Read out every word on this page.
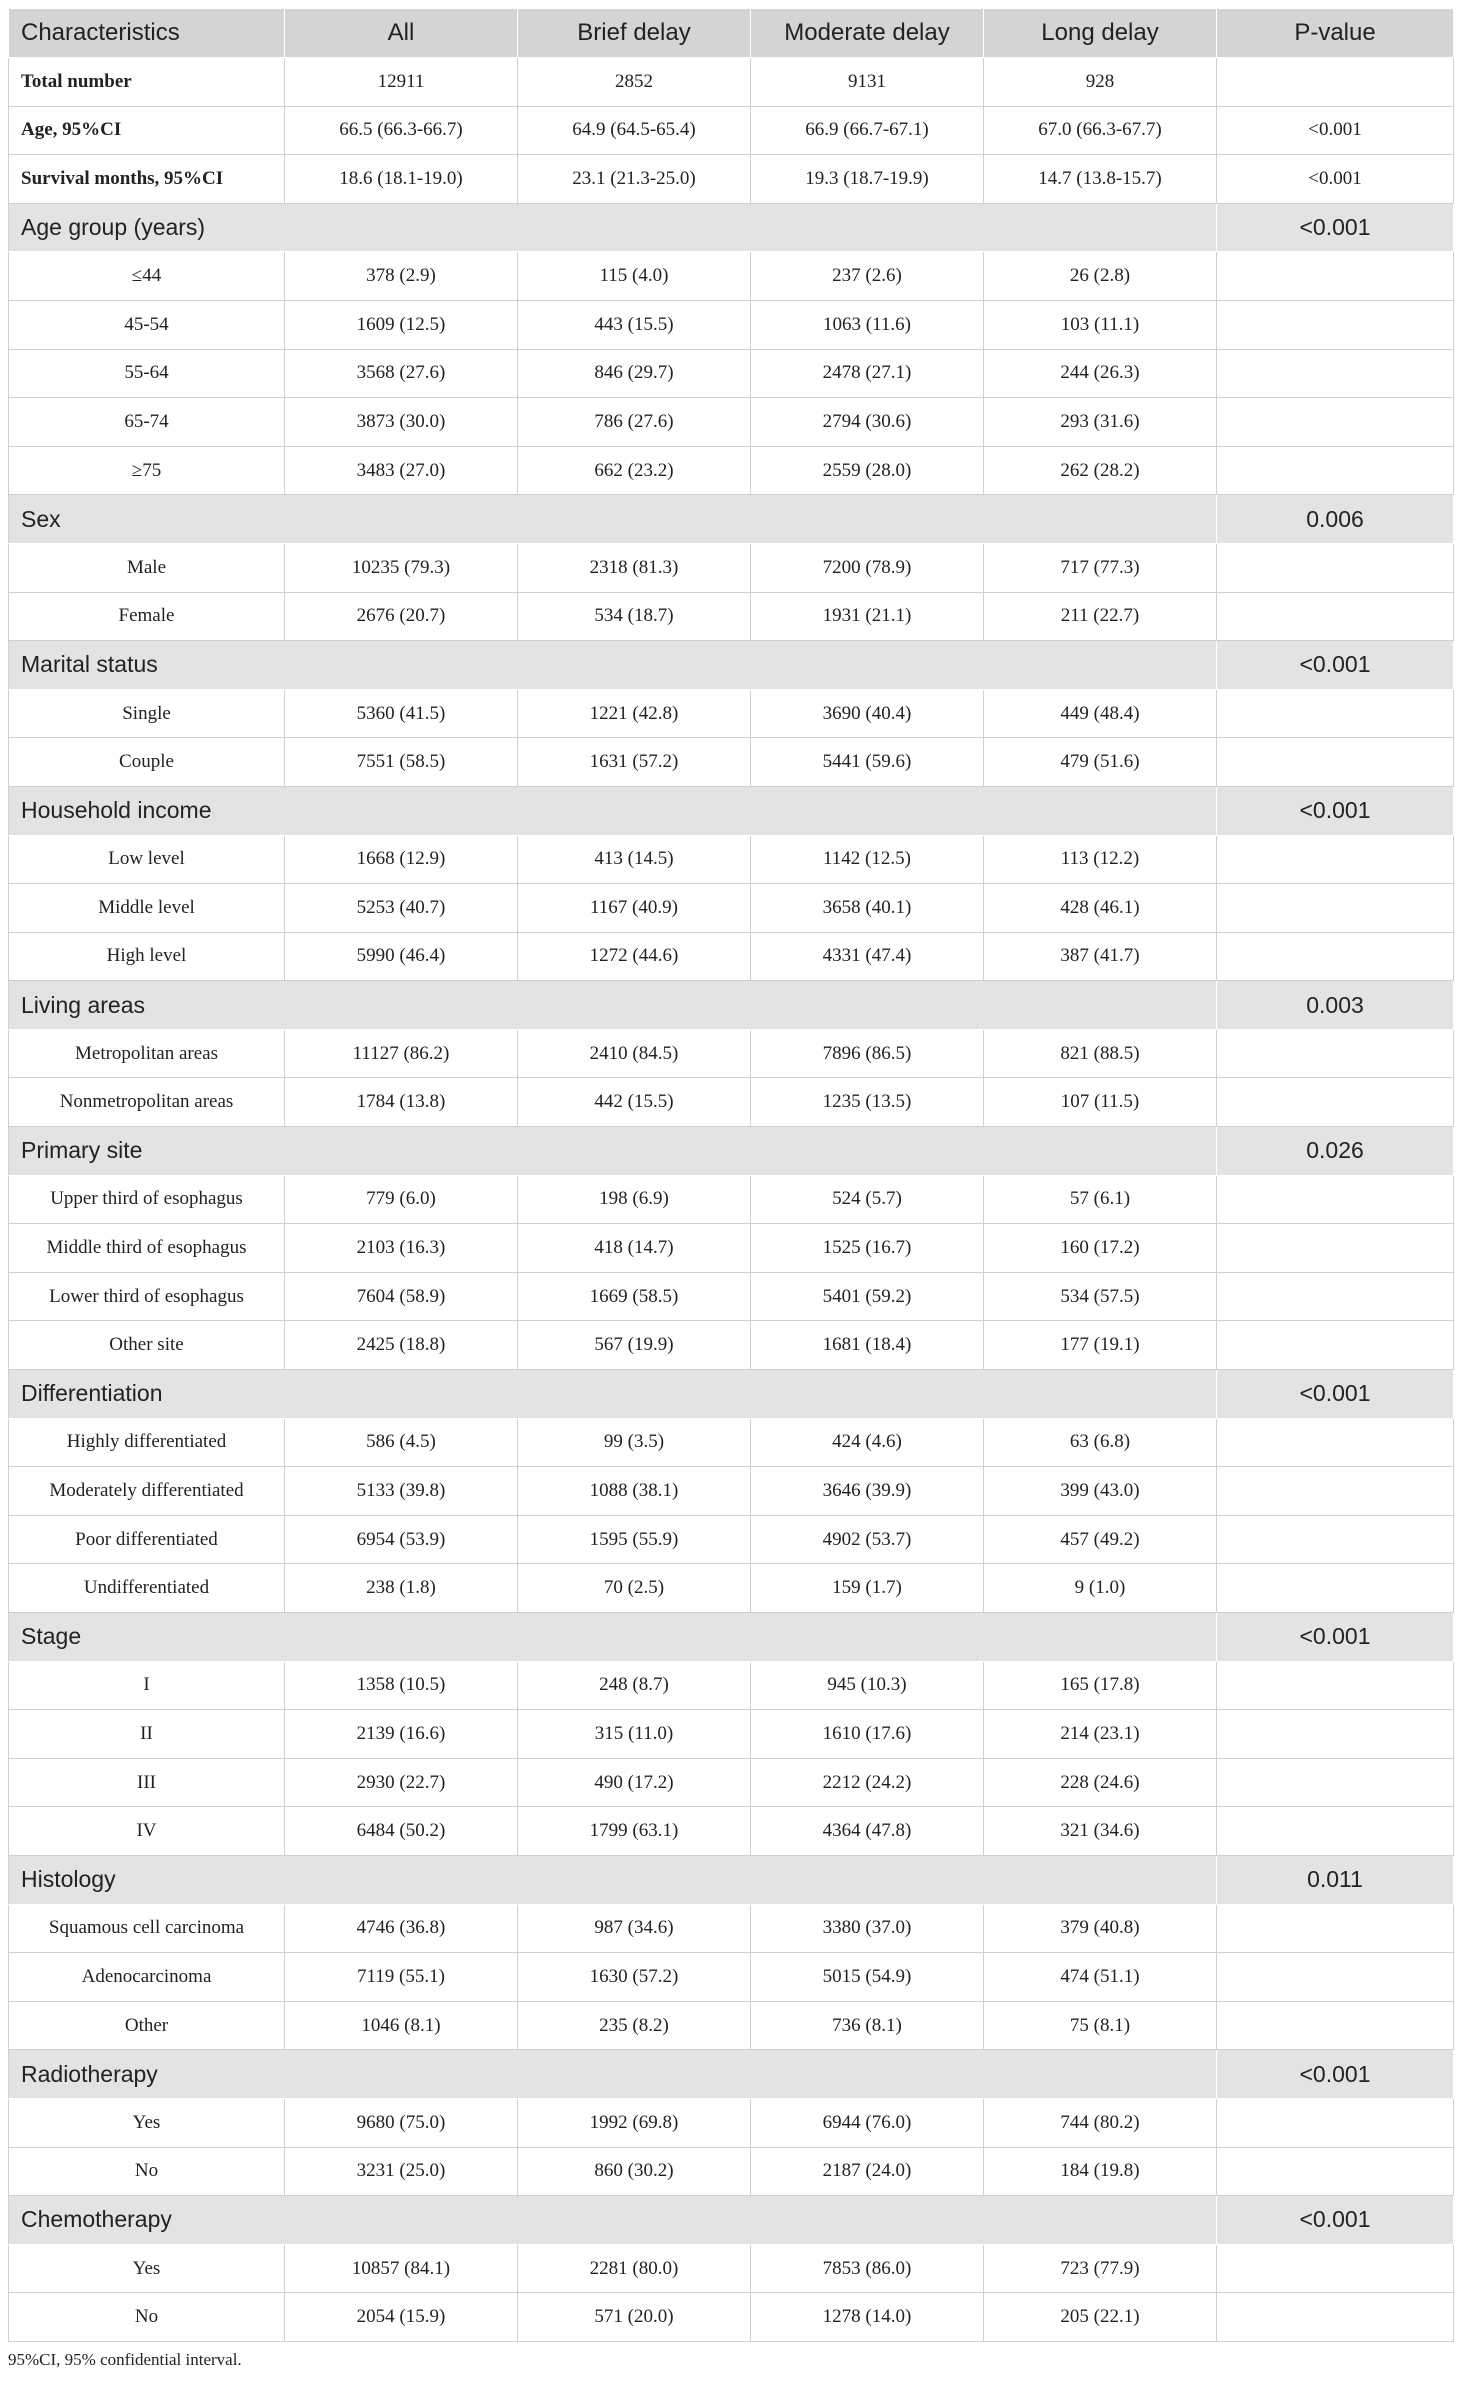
Characteristics	All	Brief delay	Moderate delay	Long delay	P-value
Total number	12911	2852	9131	928	
Age, 95%CI	66.5 (66.3-66.7)	64.9 (64.5-65.4)	66.9 (66.7-67.1)	67.0 (66.3-67.7)	<0.001
Survival months, 95%CI	18.6 (18.1-19.0)	23.1 (21.3-25.0)	19.3 (18.7-19.9)	14.7 (13.8-15.7)	<0.001
Age group (years)					<0.001
≤44	378 (2.9)	115 (4.0)	237 (2.6)	26 (2.8)	
45-54	1609 (12.5)	443 (15.5)	1063 (11.6)	103 (11.1)	
55-64	3568 (27.6)	846 (29.7)	2478 (27.1)	244 (26.3)	
65-74	3873 (30.0)	786 (27.6)	2794 (30.6)	293 (31.6)	
≥75	3483 (27.0)	662 (23.2)	2559 (28.0)	262 (28.2)	
Sex					0.006
Male	10235 (79.3)	2318 (81.3)	7200 (78.9)	717 (77.3)	
Female	2676 (20.7)	534 (18.7)	1931 (21.1)	211 (22.7)	
Marital status					<0.001
Single	5360 (41.5)	1221 (42.8)	3690 (40.4)	449 (48.4)	
Couple	7551 (58.5)	1631 (57.2)	5441 (59.6)	479 (51.6)	
Household income					<0.001
Low level	1668 (12.9)	413 (14.5)	1142 (12.5)	113 (12.2)	
Middle level	5253 (40.7)	1167 (40.9)	3658 (40.1)	428 (46.1)	
High level	5990 (46.4)	1272 (44.6)	4331 (47.4)	387 (41.7)	
Living areas					0.003
Metropolitan areas	11127 (86.2)	2410 (84.5)	7896 (86.5)	821 (88.5)	
Nonmetropolitan areas	1784 (13.8)	442 (15.5)	1235 (13.5)	107 (11.5)	
Primary site					0.026
Upper third of esophagus	779 (6.0)	198 (6.9)	524 (5.7)	57 (6.1)	
Middle third of esophagus	2103 (16.3)	418 (14.7)	1525 (16.7)	160 (17.2)	
Lower third of esophagus	7604 (58.9)	1669 (58.5)	5401 (59.2)	534 (57.5)	
Other site	2425 (18.8)	567 (19.9)	1681 (18.4)	177 (19.1)	
Differentiation					<0.001
Highly differentiated	586 (4.5)	99 (3.5)	424 (4.6)	63 (6.8)	
Moderately differentiated	5133 (39.8)	1088 (38.1)	3646 (39.9)	399 (43.0)	
Poor differentiated	6954 (53.9)	1595 (55.9)	4902 (53.7)	457 (49.2)	
Undifferentiated	238 (1.8)	70 (2.5)	159 (1.7)	9 (1.0)	
Stage					<0.001
I	1358 (10.5)	248 (8.7)	945 (10.3)	165 (17.8)	
II	2139 (16.6)	315 (11.0)	1610 (17.6)	214 (23.1)	
III	2930 (22.7)	490 (17.2)	2212 (24.2)	228 (24.6)	
IV	6484 (50.2)	1799 (63.1)	4364 (47.8)	321 (34.6)	
Histology					0.011
Squamous cell carcinoma	4746 (36.8)	987 (34.6)	3380 (37.0)	379 (40.8)	
Adenocarcinoma	7119 (55.1)	1630 (57.2)	5015 (54.9)	474 (51.1)	
Other	1046 (8.1)	235 (8.2)	736 (8.1)	75 (8.1)	
Radiotherapy					<0.001
Yes	9680 (75.0)	1992 (69.8)	6944 (76.0)	744 (80.2)	
No	3231 (25.0)	860 (30.2)	2187 (24.0)	184 (19.8)	
Chemotherapy					<0.001
Yes	10857 (84.1)	2281 (80.0)	7853 (86.0)	723 (77.9)	
No	2054 (15.9)	571 (20.0)	1278 (14.0)	205 (22.1)	
95%CI, 95% confidential interval.
